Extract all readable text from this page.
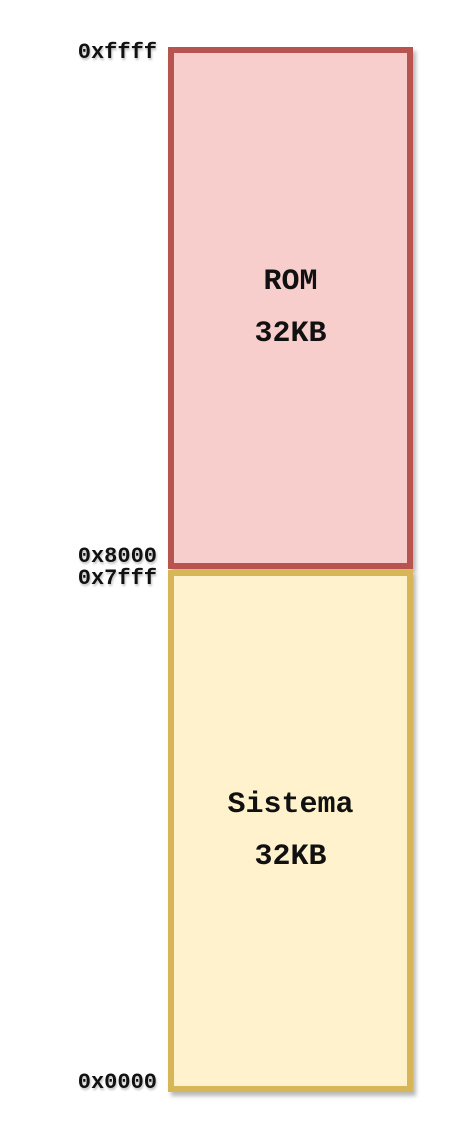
ROM
32KB
Sistema
32KB
0xffff
0x8000
0x7fff
0x0000
